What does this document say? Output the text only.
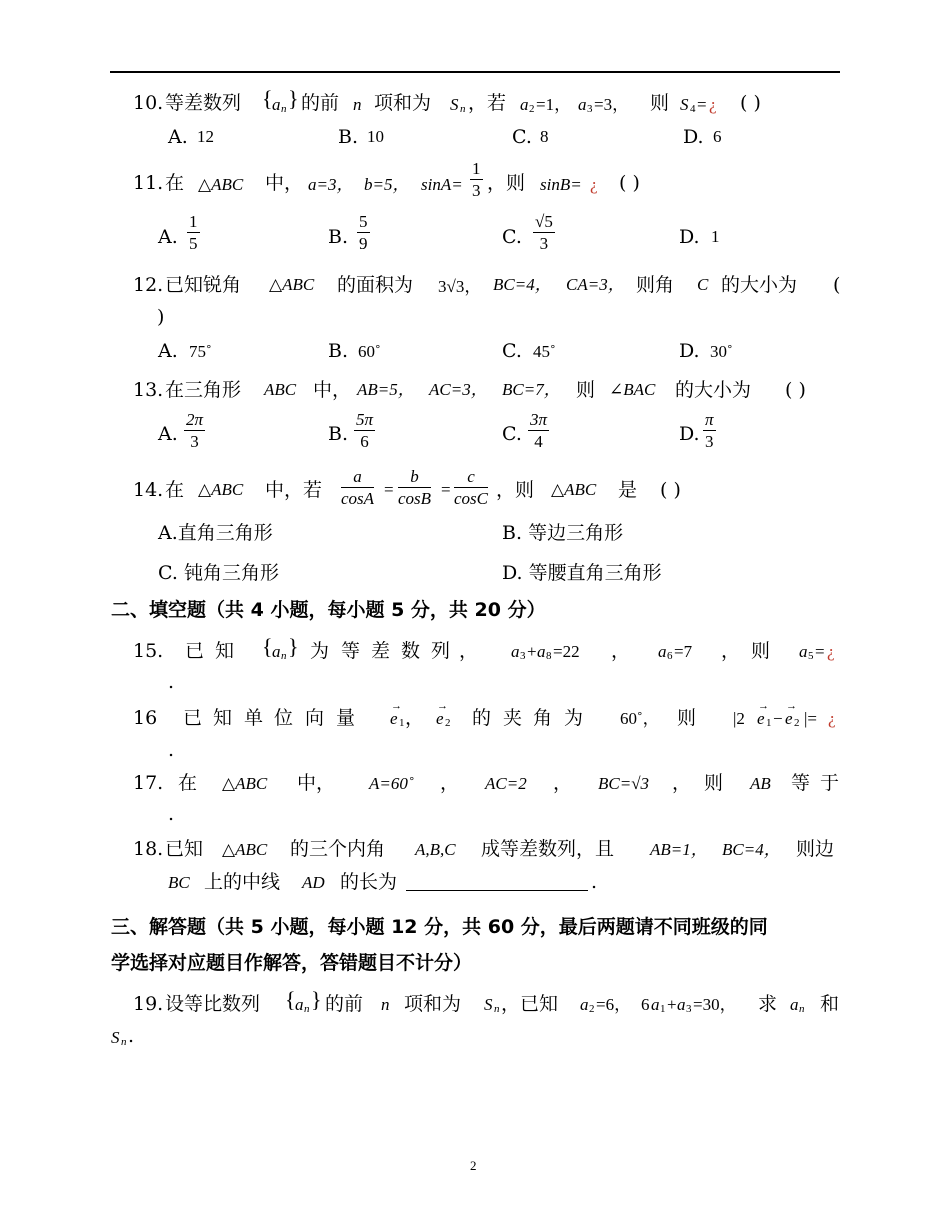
10. 等差数列 { a n } 的前 n 项和为 S n ，若 a 2 =1， a 3 =3， 则 S 4 = ¿ ( )
A. 12	B. 10	C. 8	D. 6
11. 在 △ABC 中， a=3， b=5， $\sin A= \frac{1}{3}$ ，则 sinB= ¿ ( )
A. $\frac{1}{5}$	B. $\frac{5}{9}$	C. $\frac{√5}{3}$	D. 1
12. 已知锐角 △ABC 的面积为 3√3， BC=4， CA=3， 则角 C 的大小为 (
)
A. 75˚	B. 60˚	C. 45˚	D. 30˚
13. 在三角形 ABC 中， AB=5， AC=3， BC=7， 则 ∠BAC 的大小为 ( )
A. $\frac{2\pi}{3}$	B. $\frac{5\pi}{6}$	C. $\frac{3\pi}{4}$	D. $\frac{\pi}{3}$
14. 在 △ABC 中，若 $\frac{a}{\cos A} = \frac{b}{\cos B} = \frac{c}{\cos C}$ ，则 △ABC 是 ( )
A.直角三角形	B. 等边三角形
C. 钝角三角形	D. 等腰直角三角形
二、填空题（共 4 小题，每小题 5 分，共 20 分）
15. 已 知 { a n } 为 等 差 数 列 ， a 3 + a 8 =22 ， a 6 =7 ， 则 a 5 = ¿
.
16 已 知 单 位 向 量
→
e 1 ，
→
e 2 的 夹 角 为 60˚， 则 |2
→
e 1 −
→
e 2 |= ¿
.
17. 在 △ABC 中， A=60˚ ， AC=2 ， BC=√3 ， 则 AB 等 于
.
18. 已知 △ABC 的三个内角 A,B,C 成等差数列，且 AB=1， BC=4， 则边
BC 上的中线 AD 的长为	.
三、解答题（共 5 小题，每小题 12 分，共 60 分，最后两题请不同班级的同
学选择对应题目作解答，答错题目不计分）
19. 设等比数列 { a n } 的前 n 项和为 S n ，已知 a 2 =6， 6 a 1 + a 3 =30， 求 a n 和
S n .
2
